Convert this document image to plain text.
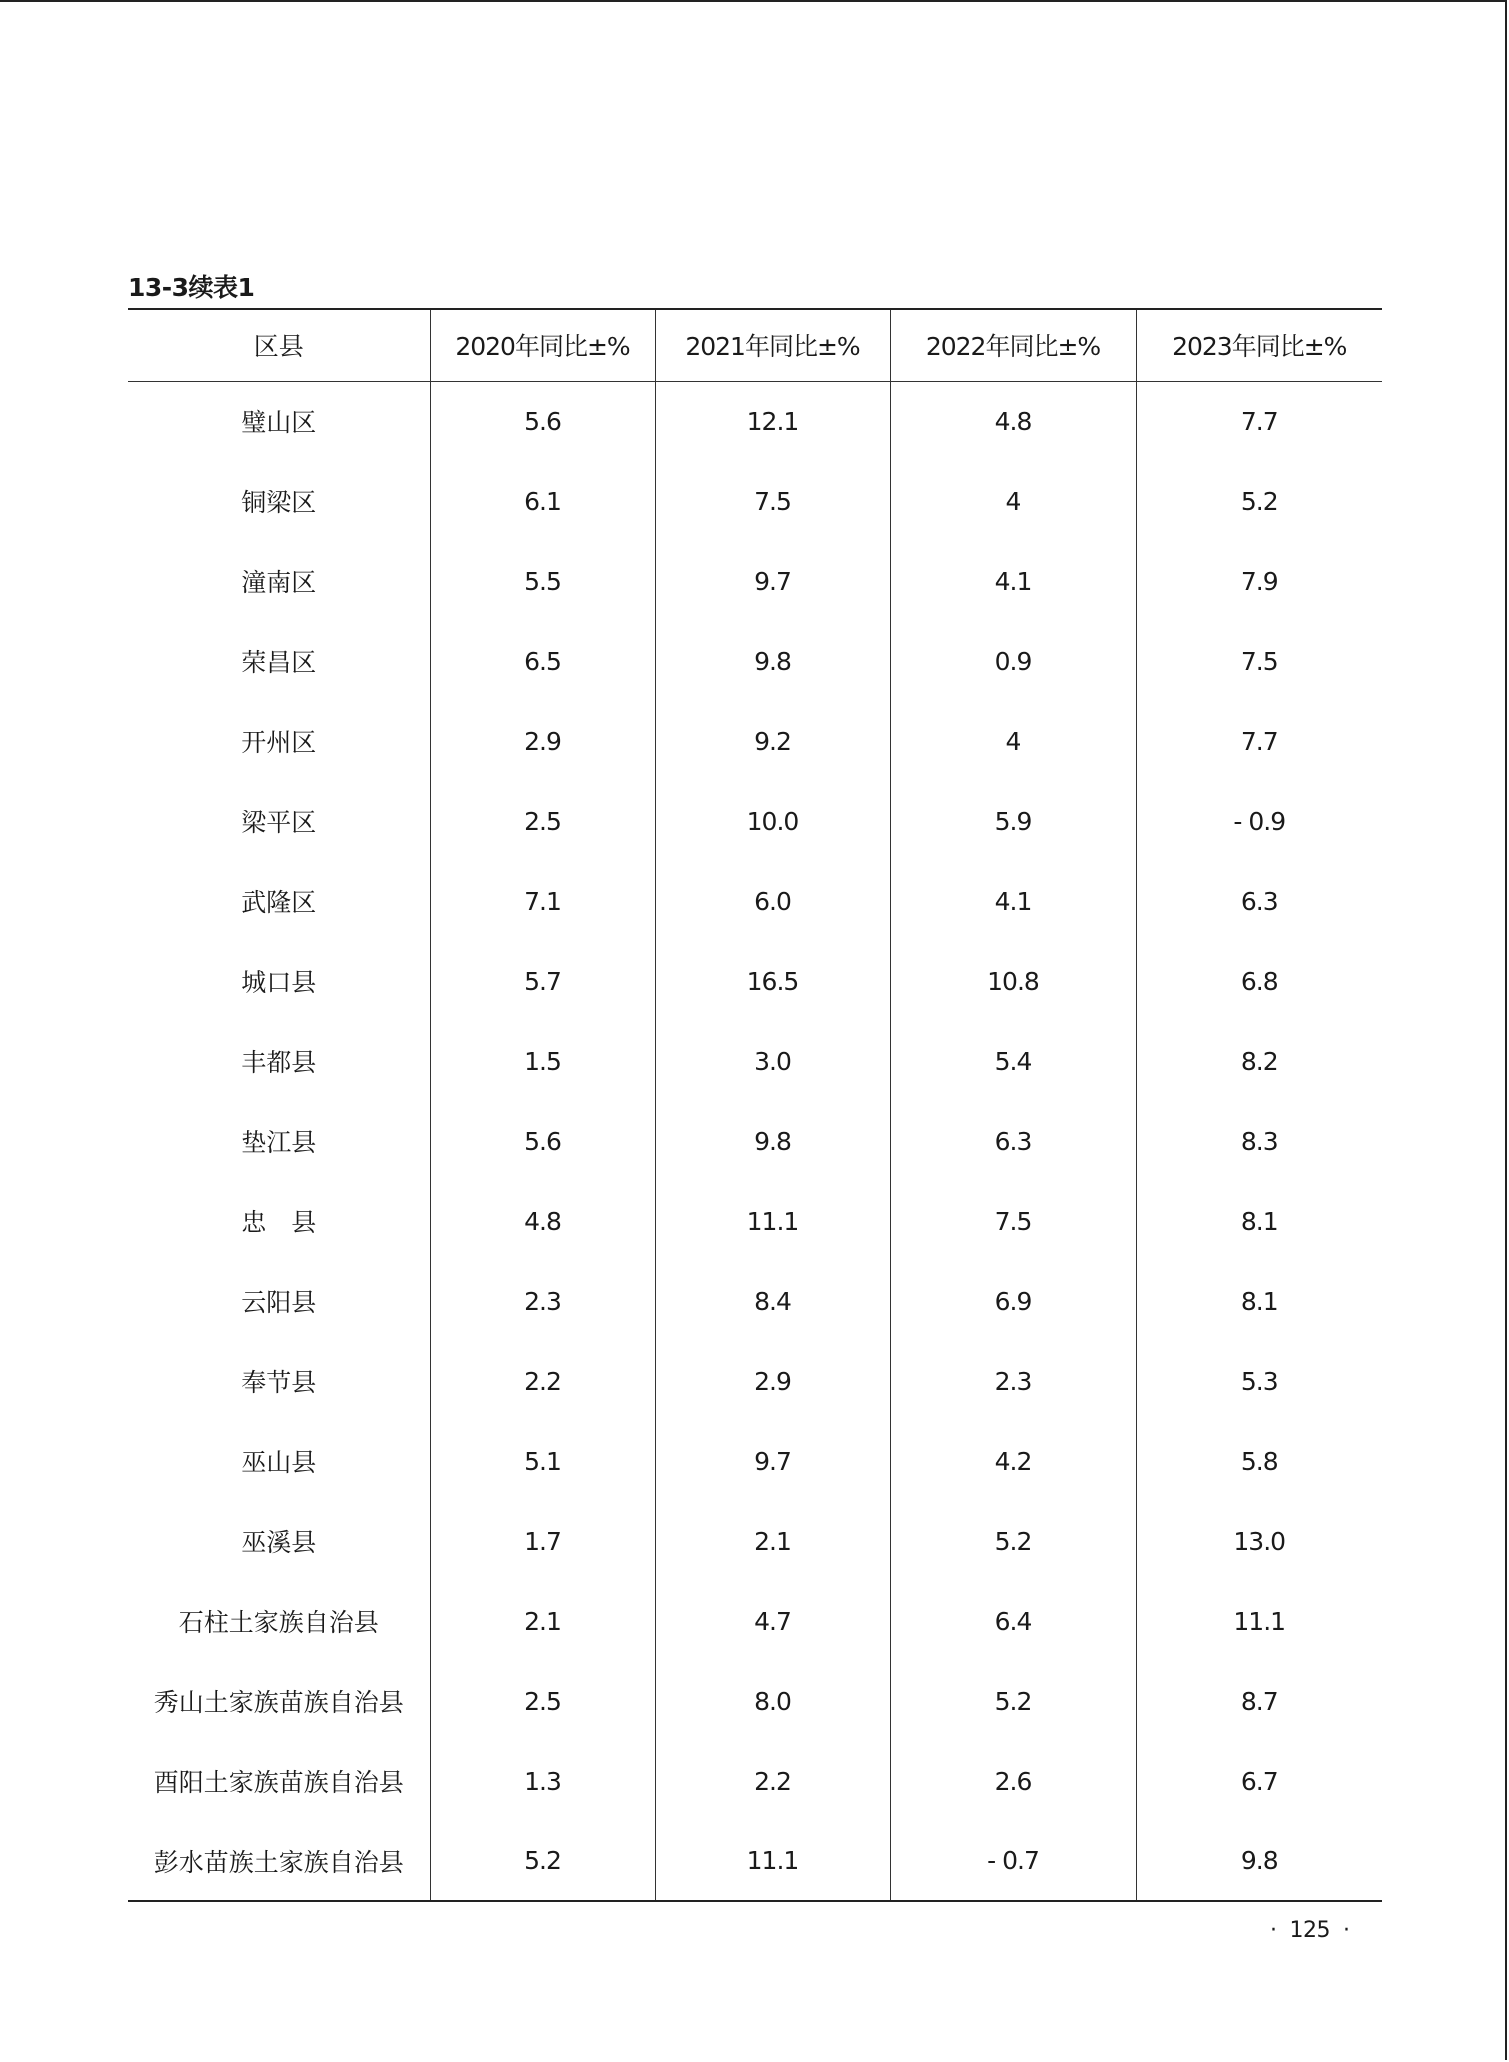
13-3续表1
区县	2020年同比±%	2021年同比±%	2022年同比±%	2023年同比±%
璧山区	5.6	12.1	4.8	7.7
铜梁区	6.1	7.5	4	5.2
潼南区	5.5	9.7	4.1	7.9
荣昌区	6.5	9.8	0.9	7.5
开州区	2.9	9.2	4	7.7
梁平区	2.5	10.0	5.9	- 0.9
武隆区	7.1	6.0	4.1	6.3
城口县	5.7	16.5	10.8	6.8
丰都县	1.5	3.0	5.4	8.2
垫江县	5.6	9.8	6.3	8.3
忠　县	4.8	11.1	7.5	8.1
云阳县	2.3	8.4	6.9	8.1
奉节县	2.2	2.9	2.3	5.3
巫山县	5.1	9.7	4.2	5.8
巫溪县	1.7	2.1	5.2	13.0
石柱土家族自治县	2.1	4.7	6.4	11.1
秀山土家族苗族自治县	2.5	8.0	5.2	8.7
酉阳土家族苗族自治县	1.3	2.2	2.6	6.7
彭水苗族土家族自治县	5.2	11.1	- 0.7	9.8
·  125  ·
